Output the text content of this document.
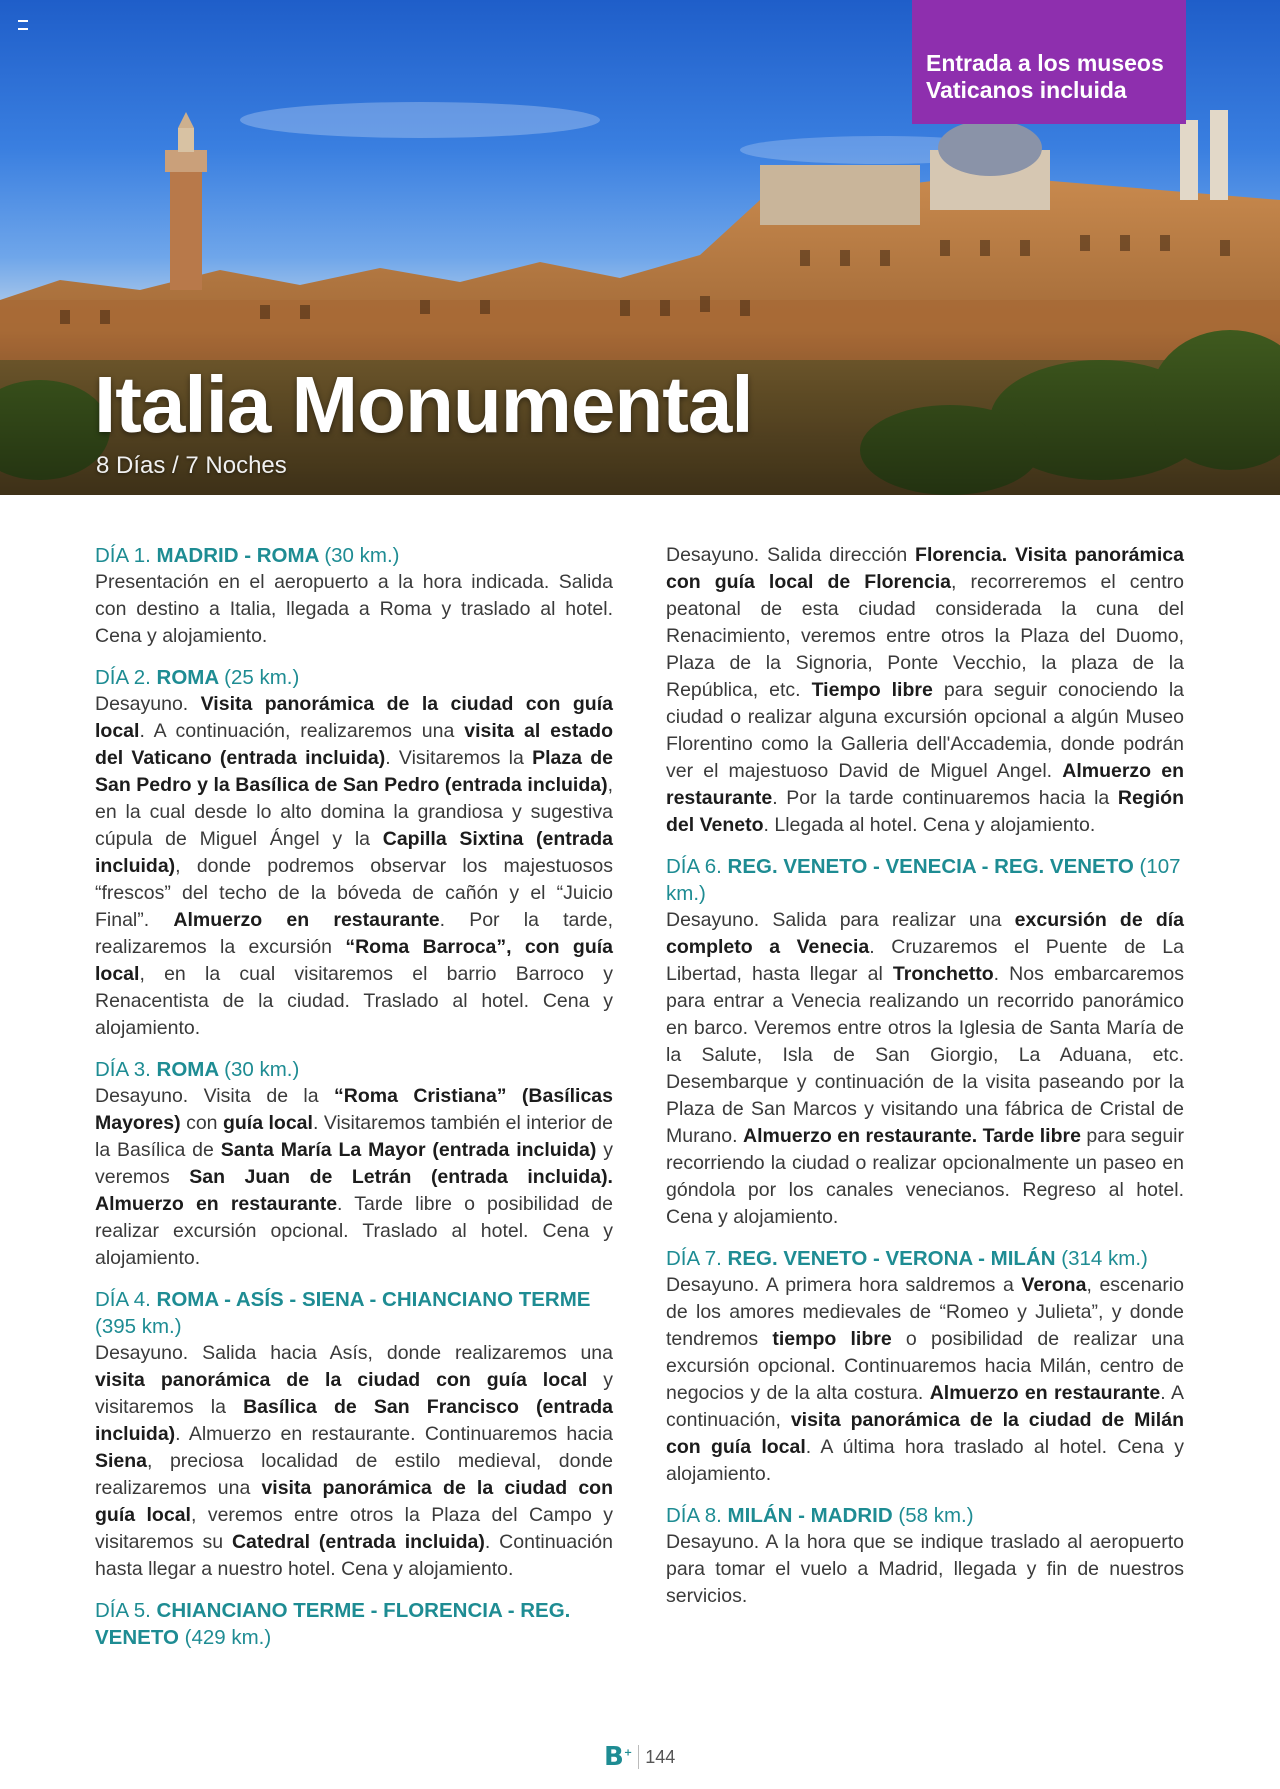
Entrada a los museos
Vaticanos incluida
Italia Monumental
8 Días / 7 Noches
DÍA 1. MADRID - ROMA (30 km.)
Presentación en el aeropuerto a la hora indicada. Salida con destino a Italia, llegada a Roma y traslado al hotel. Cena y alojamiento.
DÍA 2. ROMA (25 km.)
Desayuno. Visita panorámica de la ciudad con guía local. A continuación, realizaremos una visita al estado del Vaticano (entrada incluida). Visitaremos la Plaza de San Pedro y la Basílica de San Pedro (entrada incluida), en la cual desde lo alto domina la grandiosa y sugestiva cúpula de Miguel Ángel y la Capilla Sixtina (entrada incluida), donde podremos observar los majestuosos “frescos” del techo de la bóveda de cañón y el “Juicio Final”. Almuerzo en restaurante. Por la tarde, realizaremos la excursión “Roma Barroca”, con guía local, en la cual visitaremos el barrio Barroco y Renacentista de la ciudad. Traslado al hotel. Cena y alojamiento.
DÍA 3. ROMA (30 km.)
Desayuno. Visita de la “Roma Cristiana” (Basílicas Mayores) con guía local. Visitaremos también el interior de la Basílica de Santa María La Mayor (entrada incluida) y veremos San Juan de Letrán (entrada incluida). Almuerzo en restaurante. Tarde libre o posibilidad de realizar excursión opcional. Traslado al hotel. Cena y alojamiento.
DÍA 4. ROMA - ASÍS - SIENA - CHIANCIANO TERME (395 km.)
Desayuno. Salida hacia Asís, donde realizaremos una visita panorámica de la ciudad con guía local y visitaremos la Basílica de San Francisco (entrada incluida). Almuerzo en restaurante. Continuaremos hacia Siena, preciosa localidad de estilo medieval, donde realizaremos una visita panorámica de la ciudad con guía local, veremos entre otros la Plaza del Campo y visitaremos su Catedral (entrada incluida). Continuación hasta llegar a nuestro hotel. Cena y alojamiento.
DÍA 5. CHIANCIANO TERME - FLORENCIA - REG. VENETO (429 km.)
Desayuno. Salida dirección Florencia. Visita panorámica con guía local de Florencia, recorreremos el centro peatonal de esta ciudad considerada la cuna del Renacimiento, veremos entre otros la Plaza del Duomo, Plaza de la Signoria, Ponte Vecchio, la plaza de la República, etc. Tiempo libre para seguir conociendo la ciudad o realizar alguna excursión opcional a algún Museo Florentino como la Galleria dell'Accademia, donde podrán ver el majestuoso David de Miguel Angel. Almuerzo en restaurante. Por la tarde continuaremos hacia la Región del Veneto. Llegada al hotel. Cena y alojamiento.
DÍA 6. REG. VENETO - VENECIA - REG. VENETO (107 km.)
Desayuno. Salida para realizar una excursión de día completo a Venecia. Cruzaremos el Puente de La Libertad, hasta llegar al Tronchetto. Nos embarcaremos para entrar a Venecia realizando un recorrido panorámico en barco. Veremos entre otros la Iglesia de Santa María de la Salute, Isla de San Giorgio, La Aduana, etc. Desembarque y continuación de la visita paseando por la Plaza de San Marcos y visitando una fábrica de Cristal de Murano. Almuerzo en restaurante. Tarde libre para seguir recorriendo la ciudad o realizar opcionalmente un paseo en góndola por los canales venecianos. Regreso al hotel. Cena y alojamiento.
DÍA 7. REG. VENETO - VERONA - MILÁN (314 km.)
Desayuno. A primera hora saldremos a Verona, escenario de los amores medievales de “Romeo y Julieta”, y donde tendremos tiempo libre o posibilidad de realizar una excursión opcional. Continuaremos hacia Milán, centro de negocios y de la alta costura. Almuerzo en restaurante. A continuación, visita panorámica de la ciudad de Milán con guía local. A última hora traslado al hotel. Cena y alojamiento.
DÍA 8. MILÁN - MADRID (58 km.)
Desayuno. A la hora que se indique traslado al aeropuerto para tomar el vuelo a Madrid, llegada y fin de nuestros servicios.
B+ 144
